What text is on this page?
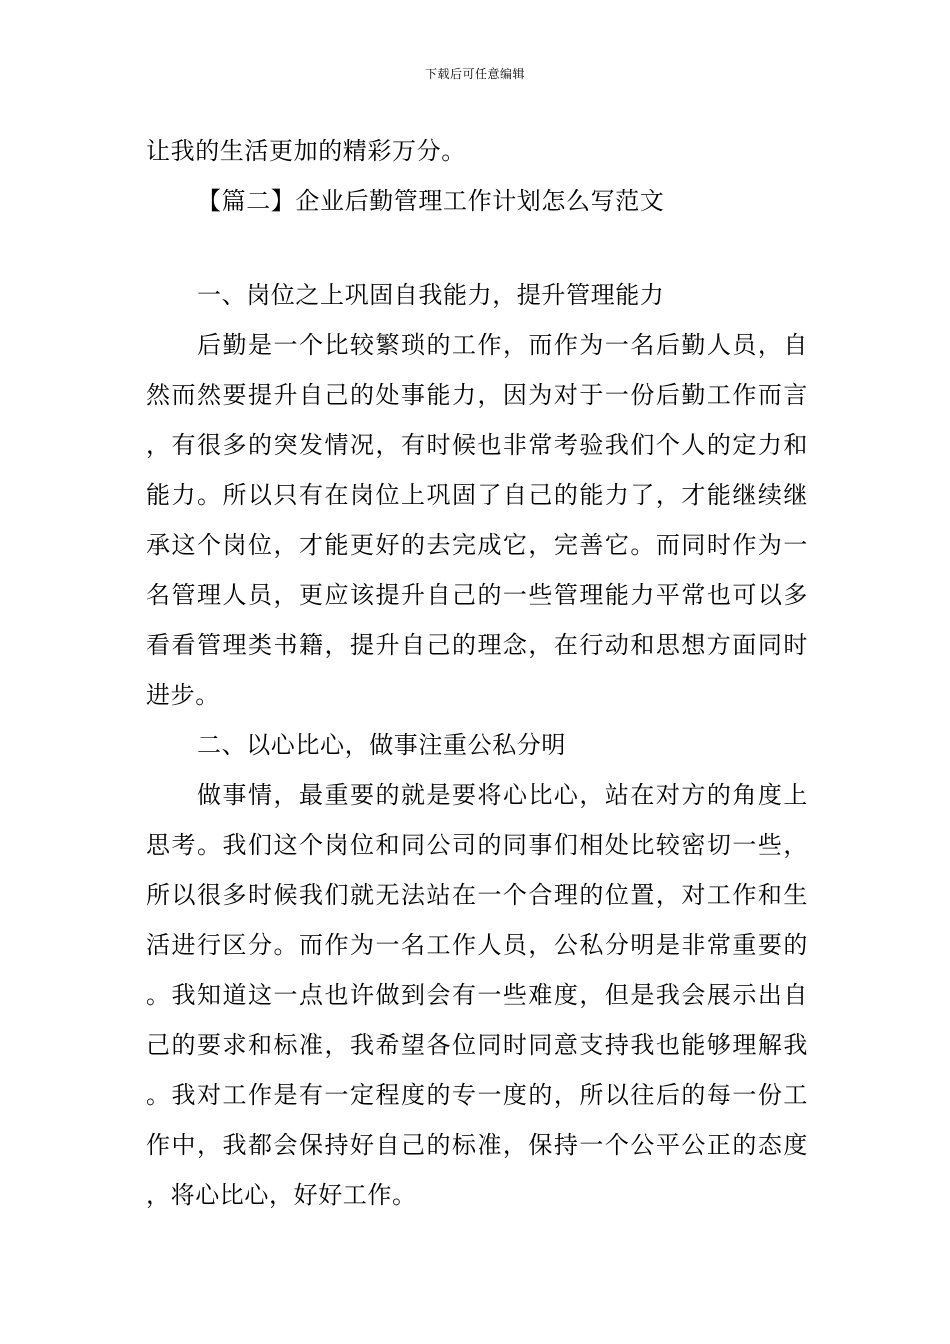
下载后可任意编辑

让我的生活更加的精彩万分。

【篇二】企业后勤管理工作计划怎么写范文

一、岗位之上巩固自我能力，提升管理能力

后勤是一个比较繁琐的工作，而作为一名后勤人员，自然而然要提升自己的处事能力，因为对于一份后勤工作而言，有很多的突发情况，有时候也非常考验我们个人的定力和能力。所以只有在岗位上巩固了自己的能力了，才能继续继承这个岗位，才能更好的去完成它，完善它。而同时作为一名管理人员，更应该提升自己的一些管理能力平常也可以多看看管理类书籍，提升自己的理念，在行动和思想方面同时进步。

二、以心比心，做事注重公私分明

做事情，最重要的就是要将心比心，站在对方的角度上思考。我们这个岗位和同公司的同事们相处比较密切一些，所以很多时候我们就无法站在一个合理的位置，对工作和生活进行区分。而作为一名工作人员，公私分明是非常重要的。我知道这一点也许做到会有一些难度，但是我会展示出自己的要求和标准，我希望各位同时同意支持我也能够理解我。我对工作是有一定程度的专一度的，所以往后的每一份工作中，我都会保持好自己的标准，保持一个公平公正的态度，将心比心，好好工作。
